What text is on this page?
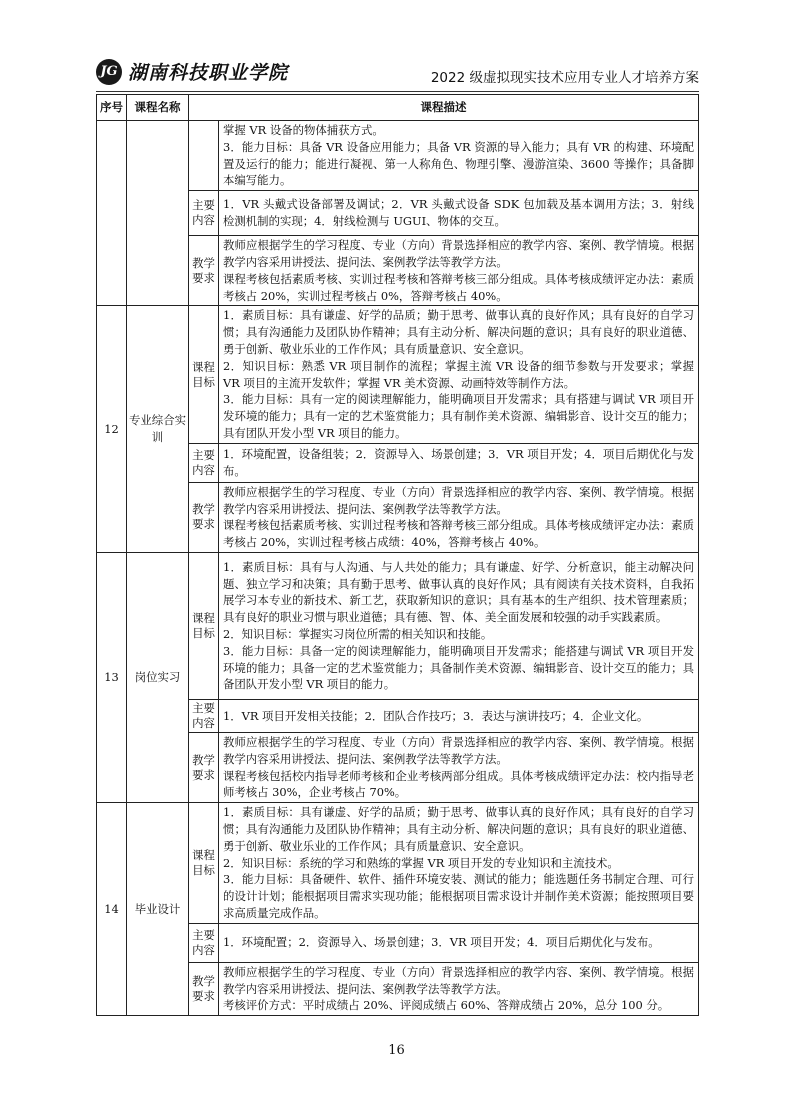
JG 湖南科技职业学院	2022 级虚拟现实技术应用专业人才培养方案
序号	课程名称	课程描述	
			掌握 VR 设备的物体捕获方式。
3．能力目标：具备 VR 设备应用能力；具备 VR 资源的导入能力；具有 VR 的构建、环境配置及运行的能力；能进行凝视、第一人称角色、物理引擎、漫游渲染、3600 等操作；具备脚本编写能力。

		主要内容	1．VR 头戴式设备部署及调试；2．VR 头戴式设备 SDK 包加载及基本调用方法；3．射线检测机制的实现；4．射线检测与 UGUI、物体的交互。

		教学要求	教师应根据学生的学习程度、专业（方向）背景选择相应的教学内容、案例、教学情境。根据教学内容采用讲授法、提问法、案例教学法等教学方法。
课程考核包括素质考核、实训过程考核和答辩考核三部分组成。具体考核成绩评定办法：素质考核占 20%，实训过程考核占 0%，答辩考核占 40%。
12	专业综合实训	课程目标	1．素质目标：具有谦虚、好学的品质；勤于思考、做事认真的良好作风；具有良好的自学习惯；具有沟通能力及团队协作精神；具有主动分析、解决问题的意识；具有良好的职业道德、勇于创新、敬业乐业的工作作风；具有质量意识、安全意识。
2．知识目标：熟悉 VR 项目制作的流程；掌握主流 VR 设备的细节参数与开发要求；掌握 VR 项目的主流开发软件；掌握 VR 美术资源、动画特效等制作方法。
3．能力目标：具有一定的阅读理解能力，能明确项目开发需求；具有搭建与调试 VR 项目开发环境的能力；具有一定的艺术鉴赏能力；具有制作美术资源、编辑影音、设计交互的能力；具有团队开发小型 VR 项目的能力。

		主要内容	1．环境配置，设备组装；2．资源导入、场景创建；3．VR 项目开发；4．项目后期优化与发布。

		教学要求	教师应根据学生的学习程度、专业（方向）背景选择相应的教学内容、案例、教学情境。根据教学内容采用讲授法、提问法、案例教学法等教学方法。
课程考核包括素质考核、实训过程考核和答辩考核三部分组成。具体考核成绩评定办法：素质考核占 20%，实训过程考核占成绩：40%，答辩考核占 40%。
13	岗位实习	课程目标	1．素质目标：具有与人沟通、与人共处的能力；具有谦虚、好学、分析意识，能主动解决问题、独立学习和决策；具有勤于思考、做事认真的良好作风；具有阅读有关技术资料，自我拓展学习本专业的新技术、新工艺，获取新知识的意识；具有基本的生产组织、技术管理素质；具有良好的职业习惯与职业道德；具有德、智、体、美全面发展和较强的动手实践素质。
2．知识目标：掌握实习岗位所需的相关知识和技能。
3．能力目标：具备一定的阅读理解能力，能明确项目开发需求；能搭建与调试 VR 项目开发环境的能力；具备一定的艺术鉴赏能力；具备制作美术资源、编辑影音、设计交互的能力；具备团队开发小型 VR 项目的能力。

		主要内容	1．VR 项目开发相关技能；2．团队合作技巧；3．表达与演讲技巧；4．企业文化。

		教学要求	教师应根据学生的学习程度、专业（方向）背景选择相应的教学内容、案例、教学情境。根据教学内容采用讲授法、提问法、案例教学法等教学方法。
课程考核包括校内指导老师考核和企业考核两部分组成。具体考核成绩评定办法：校内指导老师考核占 30%，企业考核占 70%。
14	毕业设计	课程目标	1．素质目标：具有谦虚、好学的品质；勤于思考、做事认真的良好作风；具有良好的自学习惯；具有沟通能力及团队协作精神；具有主动分析、解决问题的意识；具有良好的职业道德、勇于创新、敬业乐业的工作作风；具有质量意识、安全意识。
2．知识目标：系统的学习和熟练的掌握 VR 项目开发的专业知识和主流技术。
3．能力目标：具备硬件、软件、插件环境安装、测试的能力；能选题任务书制定合理、可行的设计计划；能根据项目需求实现功能；能根据项目需求设计并制作美术资源；能按照项目要求高质量完成作品。

		主要内容	1．环境配置；2．资源导入、场景创建；3．VR 项目开发；4．项目后期优化与发布。

		教学要求	教师应根据学生的学习程度、专业（方向）背景选择相应的教学内容、案例、教学情境。根据教学内容采用讲授法、提问法、案例教学法等教学方法。
考核评价方式：平时成绩占 20%、评阅成绩占 60%、答辩成绩占 20%，总分 100 分。
16
